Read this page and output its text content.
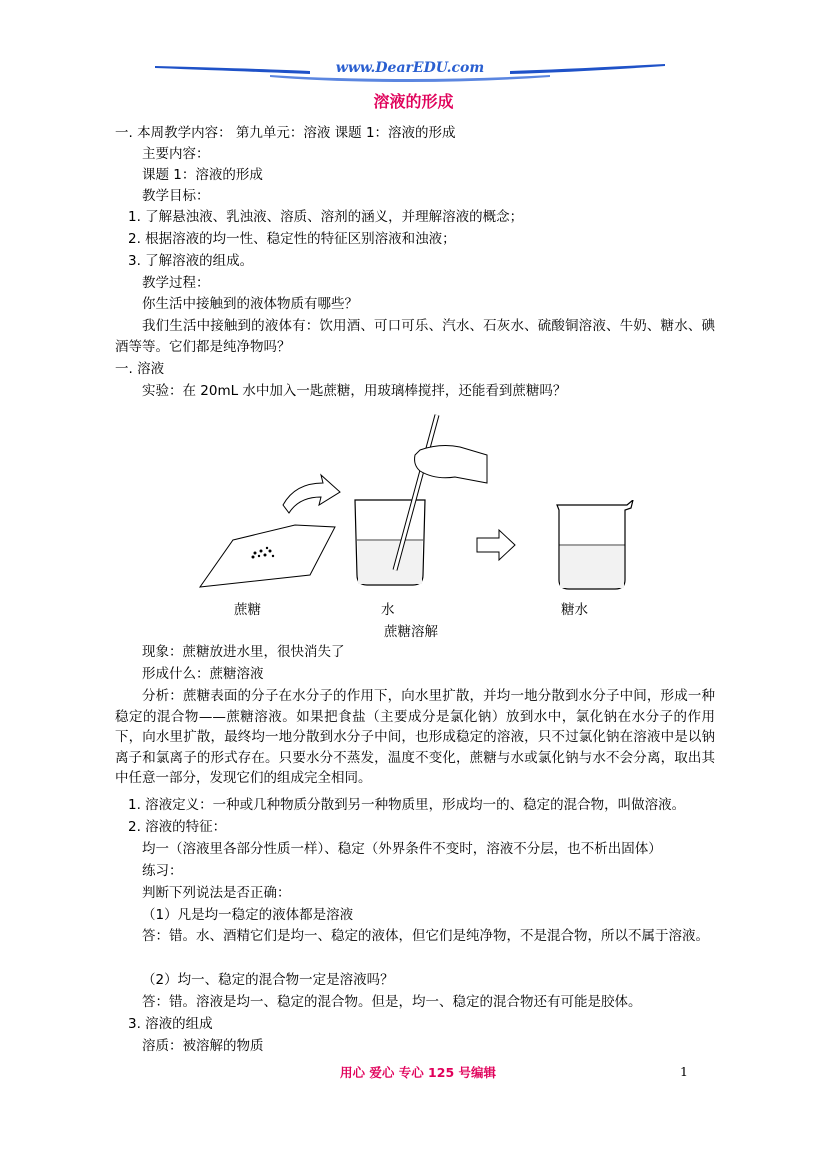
www.DearEDU.com
溶液的形成
一. 本周教学内容： 第九单元：溶液 课题 1：溶液的形成
主要内容：
课题 1：溶液的形成
教学目标：
1. 了解悬浊液、乳浊液、溶质、溶剂的涵义，并理解溶液的概念；
2. 根据溶液的均一性、稳定性的特征区别溶液和浊液；
3. 了解溶液的组成。
教学过程：
你生活中接触到的液体物质有哪些？
我们生活中接触到的液体有：饮用酒、可口可乐、汽水、石灰水、硫酸铜溶液、牛奶、糖水、碘酒等等。它们都是纯净物吗？
一. 溶液
实验：在 20mL 水中加入一匙蔗糖，用玻璃棒搅拌，还能看到蔗糖吗？
蔗糖	水	糖水
蔗糖溶解
现象：蔗糖放进水里，很快消失了
形成什么：蔗糖溶液
分析：蔗糖表面的分子在水分子的作用下，向水里扩散，并均一地分散到水分子中间，形成一种稳定的混合物——蔗糖溶液。如果把食盐（主要成分是氯化钠）放到水中，氯化钠在水分子的作用下，向水里扩散，最终均一地分散到水分子中间，也形成稳定的溶液，只不过氯化钠在溶液中是以钠离子和氯离子的形式存在。只要水分不蒸发，温度不变化，蔗糖与水或氯化钠与水不会分离，取出其中任意一部分，发现它们的组成完全相同。
1. 溶液定义：一种或几种物质分散到另一种物质里，形成均一的、稳定的混合物，叫做溶液。
2. 溶液的特征：
均一（溶液里各部分性质一样）、稳定（外界条件不变时，溶液不分层，也不析出固体）
练习：
判断下列说法是否正确：
（1）凡是均一稳定的液体都是溶液
答：错。水、酒精它们是均一、稳定的液体，但它们是纯净物，不是混合物，所以不属于溶液。
（2）均一、稳定的混合物一定是溶液吗？
答：错。溶液是均一、稳定的混合物。但是，均一、稳定的混合物还有可能是胶体。
3. 溶液的组成
溶质：被溶解的物质
用心 爱心 专心 125 号编辑	1
